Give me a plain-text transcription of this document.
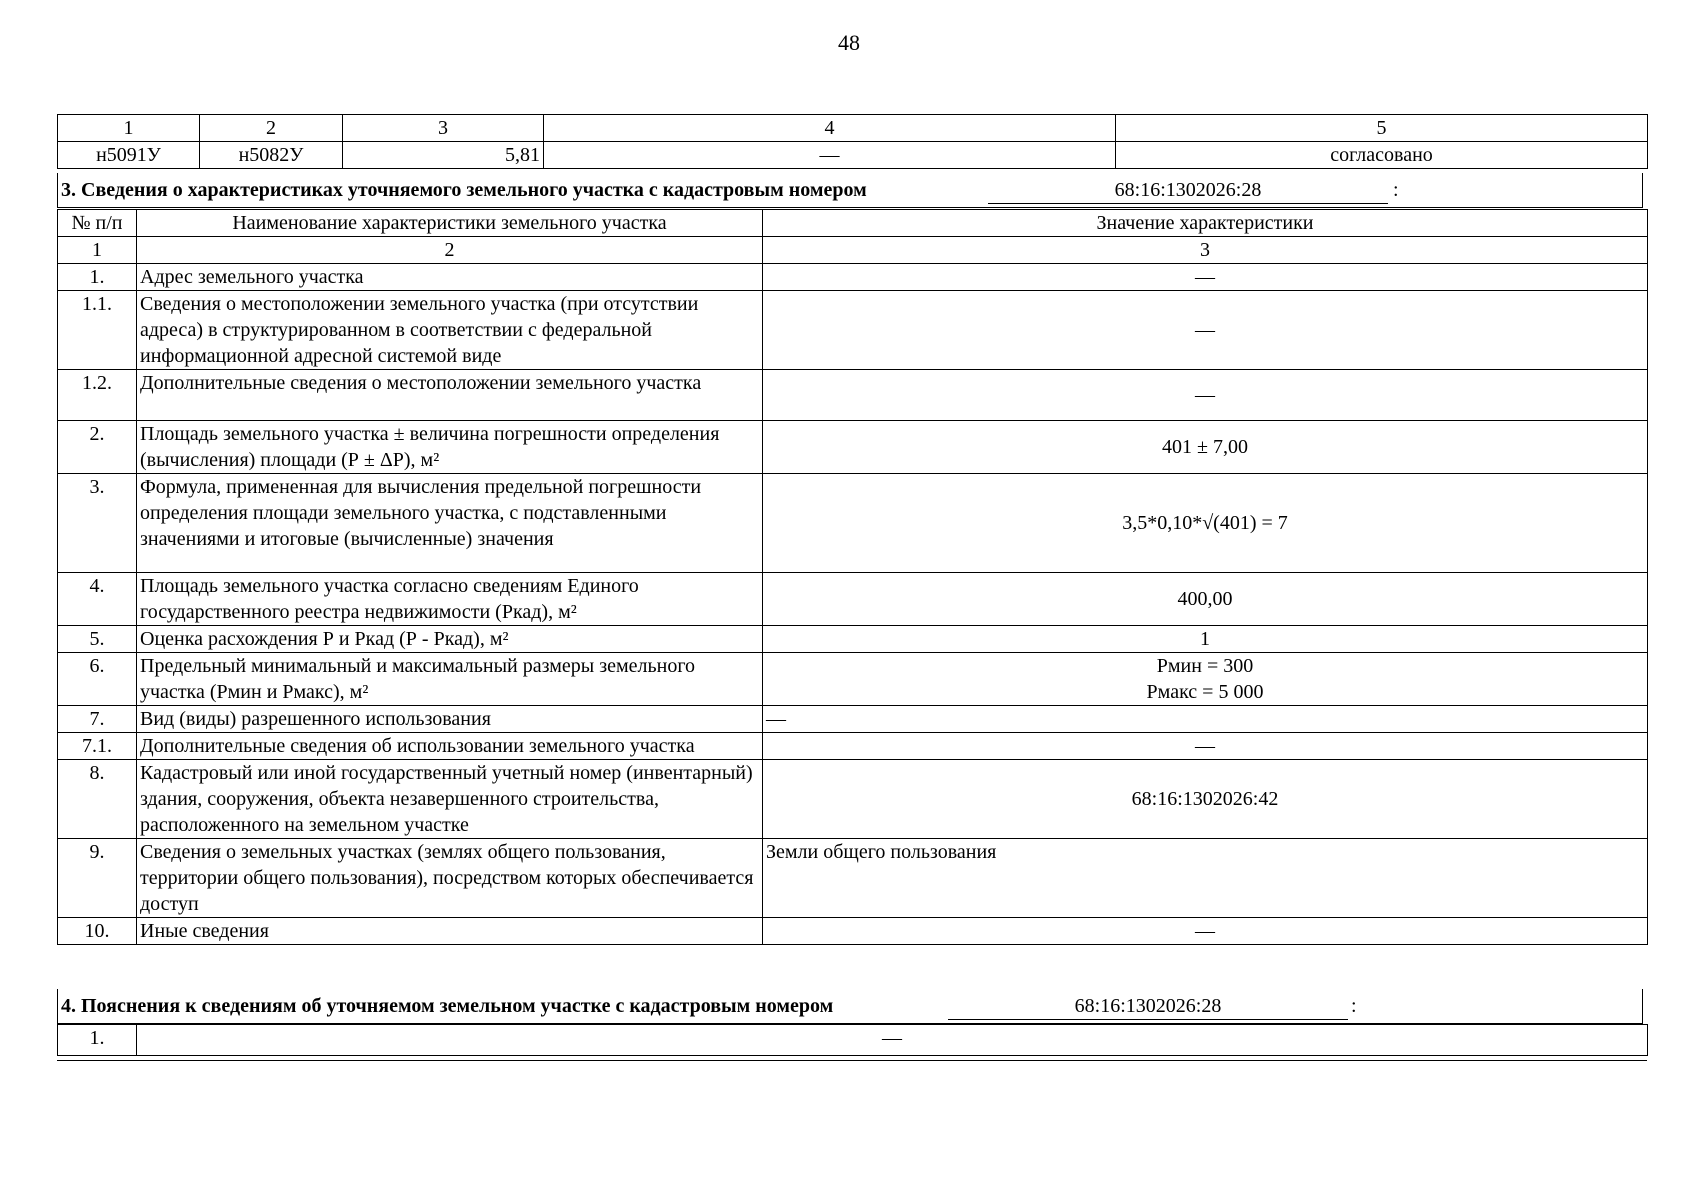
48
1	2	3	4	5
н5091У	н5082У	5,81	—	согласовано
3. Сведения о характеристиках уточняемого земельного участка с кадастровым номером	68:16:1302026:28	:
№ п/п	Наименование характеристики земельного участка	Значение характеристики
1	2	3
1.	Адрес земельного участка	—
1.1.	Сведения о местоположении земельного участка (при отсутствии адреса) в структурированном в соответствии с федеральной информационной адресной системой виде	—
1.2.	Дополнительные сведения о местоположении земельного участка	—
2.	Площадь земельного участка ± величина погрешности определения (вычисления) площади (Р ± ΔР), м²	401 ± 7,00
3.	Формула, примененная для вычисления предельной погрешности определения площади земельного участка, с подставленными значениями и итоговые (вычисленные) значения	3,5*0,10*√(401) = 7
4.	Площадь земельного участка согласно сведениям Единого государственного реестра недвижимости (Ркад), м²	400,00
5.	Оценка расхождения Р и Ркад (Р - Ркад), м²	1
6.	Предельный минимальный и максимальный размеры земельного участка (Рмин и Рмакс), м²	Рмин = 300
Рмакс = 5 000

7.	Вид (виды) разрешенного использования	—
7.1.	Дополнительные сведения об использовании земельного участка	—
8.	Кадастровый или иной государственный учетный номер (инвентарный) здания, сооружения, объекта незавершенного строительства, расположенного на земельном участке	68:16:1302026:42
9.	Сведения о земельных участках (землях общего пользования, территории общего пользования), посредством которых обеспечивается доступ	Земли общего пользования
10.	Иные сведения	—
4. Пояснения к сведениям об уточняемом земельном участке с кадастровым номером	68:16:1302026:28	:
1.	—
